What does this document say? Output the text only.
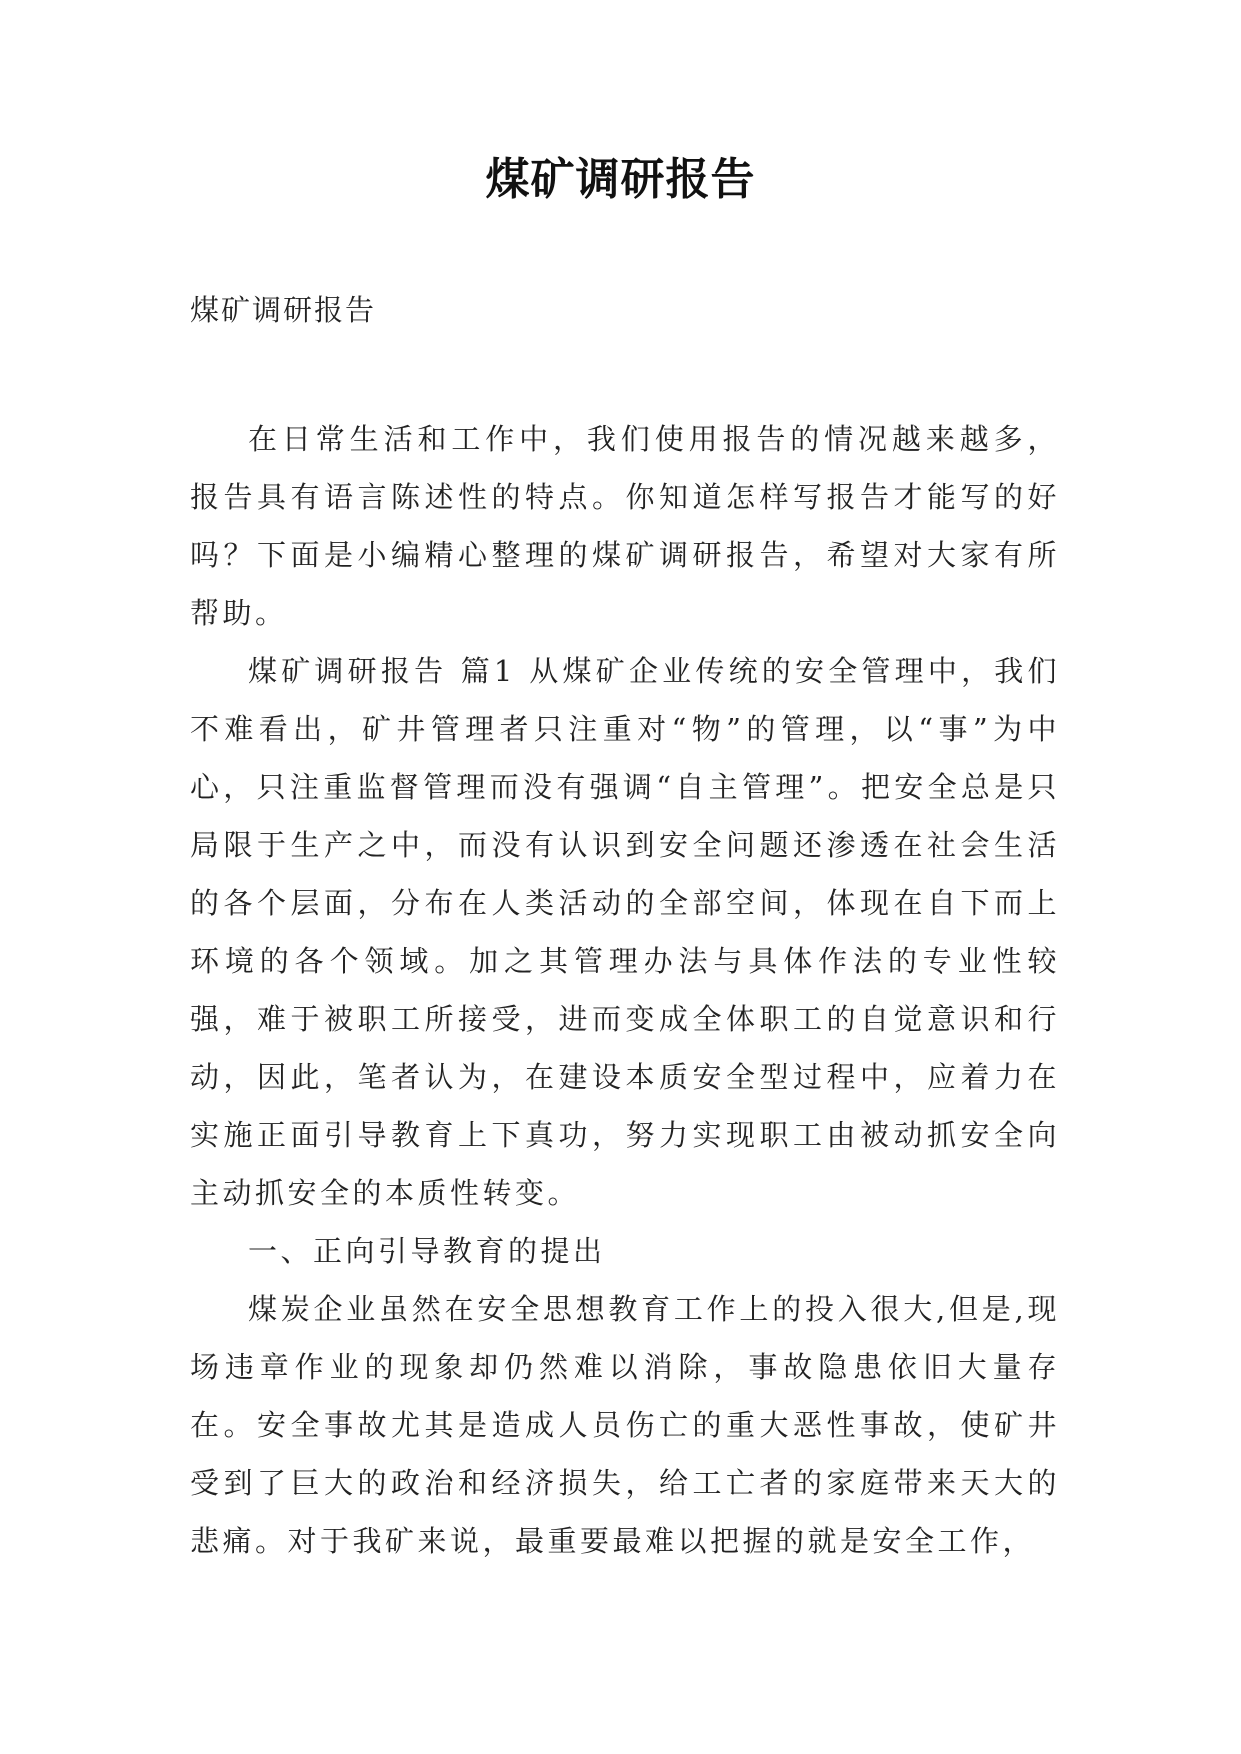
煤矿调研报告
煤矿调研报告

在日常生活和工作中，我们使用报告的情况越来越多，报告具有语言陈述性的特点。你知道怎样写报告才能写的好吗？下面是小编精心整理的煤矿调研报告，希望对大家有所帮助。

煤矿调研报告 篇1 从煤矿企业传统的安全管理中，我们不难看出，矿井管理者只注重对“物”的管理，以“事”为中心，只注重监督管理而没有强调“自主管理”。把安全总是只局限于生产之中，而没有认识到安全问题还渗透在社会生活的各个层面，分布在人类活动的全部空间，体现在自下而上环境的各个领域。加之其管理办法与具体作法的专业性较强，难于被职工所接受，进而变成全体职工的自觉意识和行动，因此，笔者认为，在建设本质安全型过程中，应着力在实施正面引导教育上下真功，努力实现职工由被动抓安全向主动抓安全的本质性转变。

一、正向引导教育的提出

煤炭企业虽然在安全思想教育工作上的投入很大,但是,现场违章作业的现象却仍然难以消除，事故隐患依旧大量存在。安全事故尤其是造成人员伤亡的重大恶性事故，使矿井受到了巨大的政治和经济损失，给工亡者的家庭带来天大的悲痛。对于我矿来说，最重要最难以把握的就是安全工作，
